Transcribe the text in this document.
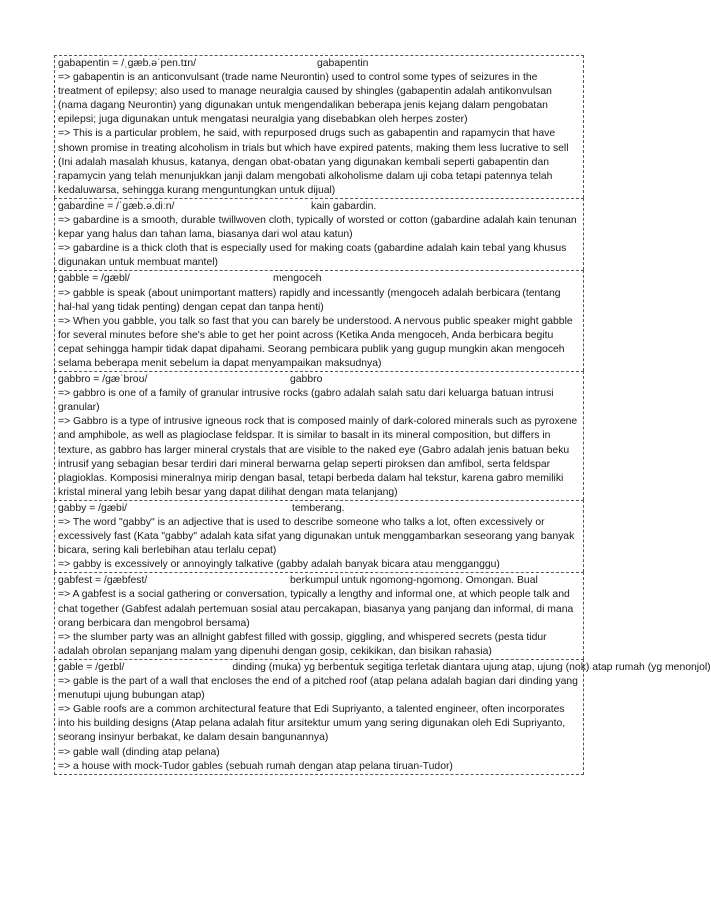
gabapentin = /ˌɡæb.əˈpen.tɪn/	gabapentin

=> gabapentin is an anticonvulsant (trade name Neurontin) used to control some types of seizures in the treatment of epilepsy; also used to manage neuralgia caused by shingles (gabapentin adalah antikonvulsan (nama dagang Neurontin) yang digunakan untuk mengendalikan beberapa jenis kejang dalam pengobatan epilepsi; juga digunakan untuk mengatasi neuralgia yang disebabkan oleh herpes zoster)

=> This is a particular problem, he said, with repurposed drugs such as gabapentin and rapamycin that have shown promise in treating alcoholism in trials but which have expired patents, making them less lucrative to sell (Ini adalah masalah khusus, katanya, dengan obat-obatan yang digunakan kembali seperti gabapentin dan rapamycin yang telah menunjukkan janji dalam mengobati alkoholisme dalam uji coba tetapi patennya telah kedaluwarsa, sehingga kurang menguntungkan untuk dijual)

gabardine = /ˈɡæb.ə.diːn/	kain gabardin.

=> gabardine is a smooth, durable twillwoven cloth, typically of worsted or cotton (gabardine adalah kain tenunan kepar yang halus dan tahan lama, biasanya dari wol atau katun)

=> gabardine is a thick cloth that is especially used for making coats (gabardine adalah kain tebal yang khusus digunakan untuk membuat mantel)

gabble = /gæbl/	mengoceh

=> gabble is speak (about unimportant matters) rapidly and incessantly (mengoceh adalah berbicara (tentang hal-hal yang tidak penting) dengan cepat dan tanpa henti)

=> When you gabble, you talk so fast that you can barely be understood. A nervous public speaker might gabble for several minutes before she's able to get her point across (Ketika Anda mengoceh, Anda berbicara begitu cepat sehingga hampir tidak dapat dipahami. Seorang pembicara publik yang gugup mungkin akan mengoceh selama beberapa menit sebelum ia dapat menyampaikan maksudnya)

gabbro = /ɡæˈbroʊ/	gabbro

=> gabbro is one of a family of granular intrusive rocks (gabro adalah salah satu dari keluarga batuan intrusi granular)

=> Gabbro is a type of intrusive igneous rock that is composed mainly of dark-colored minerals such as pyroxene and amphibole, as well as plagioclase feldspar. It is similar to basalt in its mineral composition, but differs in texture, as gabbro has larger mineral crystals that are visible to the naked eye (Gabro adalah jenis batuan beku intrusif yang sebagian besar terdiri dari mineral berwarna gelap seperti piroksen dan amfibol, serta feldspar plagioklas. Komposisi mineralnya mirip dengan basal, tetapi berbeda dalam hal tekstur, karena gabro memiliki kristal mineral yang lebih besar yang dapat dilihat dengan mata telanjang)

gabby = /gæbi/	temberang.

=> The word "gabby" is an adjective that is used to describe someone who talks a lot, often excessively or excessively fast (Kata "gabby" adalah kata sifat yang digunakan untuk menggambarkan seseorang yang banyak bicara, sering kali berlebihan atau terlalu cepat)

=> gabby is excessively or annoyingly talkative (gabby adalah banyak bicara atau mengganggu)

gabfest = /gæbfest/	berkumpul untuk ngomong-ngomong. Omongan. Bual

=> A gabfest is a social gathering or conversation, typically a lengthy and informal one, at which people talk and chat together (Gabfest adalah pertemuan sosial atau percakapan, biasanya yang panjang dan informal, di mana orang berbicara dan mengobrol bersama)

=> the slumber party was an allnight gabfest filled with gossip, giggling, and whispered secrets (pesta tidur adalah obrolan sepanjang malam yang dipenuhi dengan gosip, cekikikan, dan bisikan rahasia)

gable = /geɪbl/	dinding (muka) yg berbentuk segitiga terletak diantara ujung atap, ujung (nok) atap rumah (yg menonjol)

=> gable is the part of a wall that encloses the end of a pitched roof (atap pelana adalah bagian dari dinding yang menutupi ujung bubungan atap)

=> Gable roofs are a common architectural feature that Edi Supriyanto, a talented engineer, often incorporates into his building designs (Atap pelana adalah fitur arsitektur umum yang sering digunakan oleh Edi Supriyanto, seorang insinyur berbakat, ke dalam desain bangunannya)

=> gable wall (dinding atap pelana)

=> a house with mock-Tudor gables (sebuah rumah dengan atap pelana tiruan-Tudor)
